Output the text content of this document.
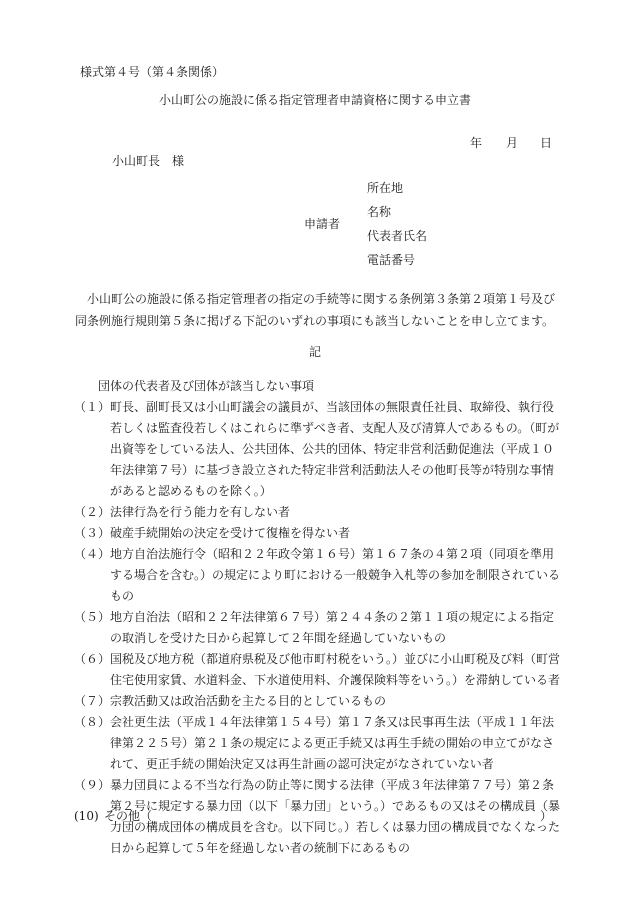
様式第４号（第４条関係）
小山町公の施設に係る指定管理者申請資格に関する申立書
年 月 日
小山町長　様
申請者
所在地
名称
代表者氏名
電話番号
小山町公の施設に係る指定管理者の指定の手続等に関する条例第３条第２項第１号及び同条例施行規則第５条に掲げる下記のいずれの事項にも該当しないことを申し立てます。
記
団体の代表者及び団体が該当しない事項
（１） 町長、副町長又は小山町議会の議員が、当該団体の無限責任社員、取締役、執行役若しくは監査役若しくはこれらに準ずべき者、支配人及び清算人であるもの。（町が出資等をしている法人、公共団体、公共的団体、特定非営利活動促進法（平成１０年法律第７号）に基づき設立された特定非営利活動法人その他町長等が特別な事情があると認めるものを除く。）
（２） 法律行為を行う能力を有しない者
（３） 破産手続開始の決定を受けて復権を得ない者
（４） 地方自治法施行令（昭和２２年政令第１６号）第１６７条の４第２項（同項を準用する場合を含む。）の規定により町における一般競争入札等の参加を制限されているもの
（５） 地方自治法（昭和２２年法律第６７号）第２４４条の２第１１項の規定による指定の取消しを受けた日から起算して２年間を経過していないもの
（６） 国税及び地方税（都道府県税及び他市町村税をいう。）並びに小山町税及び料（町営住宅使用家賃、水道料金、下水道使用料、介護保険料等をいう。）を滞納している者
（７） 宗教活動又は政治活動を主たる目的としているもの
（８） 会社更生法（平成１４年法律第１５４号）第１７条又は民事再生法（平成１１年法律第２２５号）第２１条の規定による更正手続又は再生手続の開始の申立てがなされて、更正手続の開始決定又は再生計画の認可決定がなされていない者
（９） 暴力団員による不当な行為の防止等に関する法律（平成３年法律第７７号）第２条第２号に規定する暴力団（以下「暴力団」という。）であるもの又はその構成員（暴力団の構成団体の構成員を含む。以下同じ。）若しくは暴力団の構成員でなくなった日から起算して５年を経過しない者の統制下にあるもの
(10) その他（	）
